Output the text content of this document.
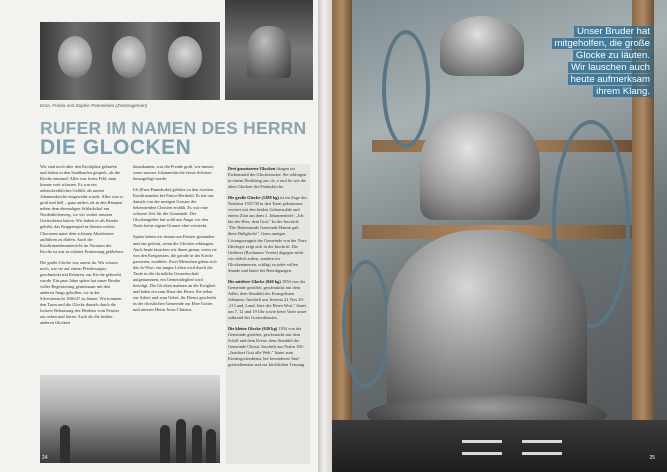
Erna, Frieda und Sophie Pannekoke (Zeitzeuginnen)
RUFER IM NAMEN DES HERRN
DIE GLOCKEN

Wir sind noch über den Kirchplatz gelaufen und haben in den Sandhaufen gespielt, als die Kirche entstand. Alles war freies Feld, man konnte weit schauen. Es war ein unbeschreibliches Gefühl, als unsere Johanneskirche eingeweiht wurde. Alles war so groß und hell – ganz anders als in den Räumen neben dem ehemaligen Schlachthof am Nordenhöfenweg, wo wir vorher unseren Gottesdienst hatten. Wir haben es als Kinder geliebt, das Krippenspiel in diesem weiten Chorraum unter dem schönen Altarfenster aufführen zu dürfen. Auch der Konfirmandenunterricht im Vorraum der Kirche ist uns in schöner Erinnerung geblieben.

Die große Glocke war zuerst da. Wir wissen noch, wie sie auf einem Pferdewagen, geschmückt mit Kränzen, zur Kirche gebracht wurde. Ein paar Jahre später hat unser Bruder voller Begeisterung gemeinsam mit den anderen Jungs geholfen, sie in der Silvesternacht 1946/47 zu läuten. Wir konnten den Turm und die Glocke damals durch die lockere Behausung des Herdens vom Fenster aus sehen und hören. Auch als die beiden anderen Glocken

hinzukamen, war die Freude groß, wie immer, wenn unserer Johanneskirche etwas Schönes hinzugefügt wurde.

Ich (Erna Pannekoke) gehörte zu den zweiten Konfirmanden bei Pastor Berthold. Er hat uns damals von der mutigen Grasser der bekennenden Christen erzählt. Es war eine schwere Zeit für die Gemeinde. Der Glockengießer hat wohl aus Angst vor den Nazis keine eigene Grasser eher versteckt.

Später haben wir immer am Fenster gestanden und uns gefreut, wenn die Glocken erklangen. Auch heute lauschen wir ihnen genau, wenn sie von den Ereignissen, die gerade in der Kirche passieren, erzählen: Zwei Menschen geben sich das Ja-Wort, ein junges Leben wird durch die Taufe in die christliche Gemeinschaft aufgenommen, ein Gemeindeglied wird beerdigt. Die Glocken mahnen an die Ewigkeit und laden ein zum Haus des Herrn. Sie teilen zur Arbeit und zum Gebet, ihr Dienst geschieht in der christlichen Gemeinde zur Ehre Gottes und unseres Herrn Jesus Christus.

Drei gusseiserne Glocken hängen im Eichenstuhl der Glockenstube. Sie erklingen in einem Dreiklang aus cis, e und fis wie die alten Glocken der Pauluskirche.

Die große Glocke (1288 kg) ist im Zuge des Neubaus 1937/38 in den Turm gekommen, versiert mit den beiden Geburtstahle und einem Zitat aus dem 1. Johannesbrief: „Ich bin der Herr, dein Gott." In der Inschrift: "Die Bekennende Gemeinde Hamm gab diese Bußglocke". Ganz mutiges Lösungszeugnis der Gemeinde von der Nazi-Ideologie zeigt sich in der Inschrift. Die Gießerei (Bochumer Verein) dagegen nicht wie üblich außen, sondern im Glockeninneren, schlägt zu jeder vollen Stunde und läutet bei Beerdigungen.

Die mittlere Glocke (940 kg) 1954 von der Gemeinde gestiftet, geschmückt mit dem Adler, dem Sinnbild des Evangelisten Johannes. Inschrift aus Jeremia 22 Vers 29: „O Land, Land, höre des Herrn Wort." läutet um 7, 12 und 19 Uhr sowie beim Vater unser während des Gottesdienstes.

Die kleine Glocke (630 kg) 1954 von der Gemeinde gestiftet, geschmückt mit dem Schiff und dem Kreuz, dem Sinnbild der Gemeinde Christi. Inschrift aus Psalm 100: „Jauchzet Gott alle Welt." läutet zum Kindergottesdienst, bei besonderen Tauf-gottesdiensten und zur kirchlichen Trauung.

24
Unser Bruder hat
mitgeholfen, die große
Glocke zu läuten.
Wir lauschen auch
heute aufmerksam
ihrem Klang.
25
